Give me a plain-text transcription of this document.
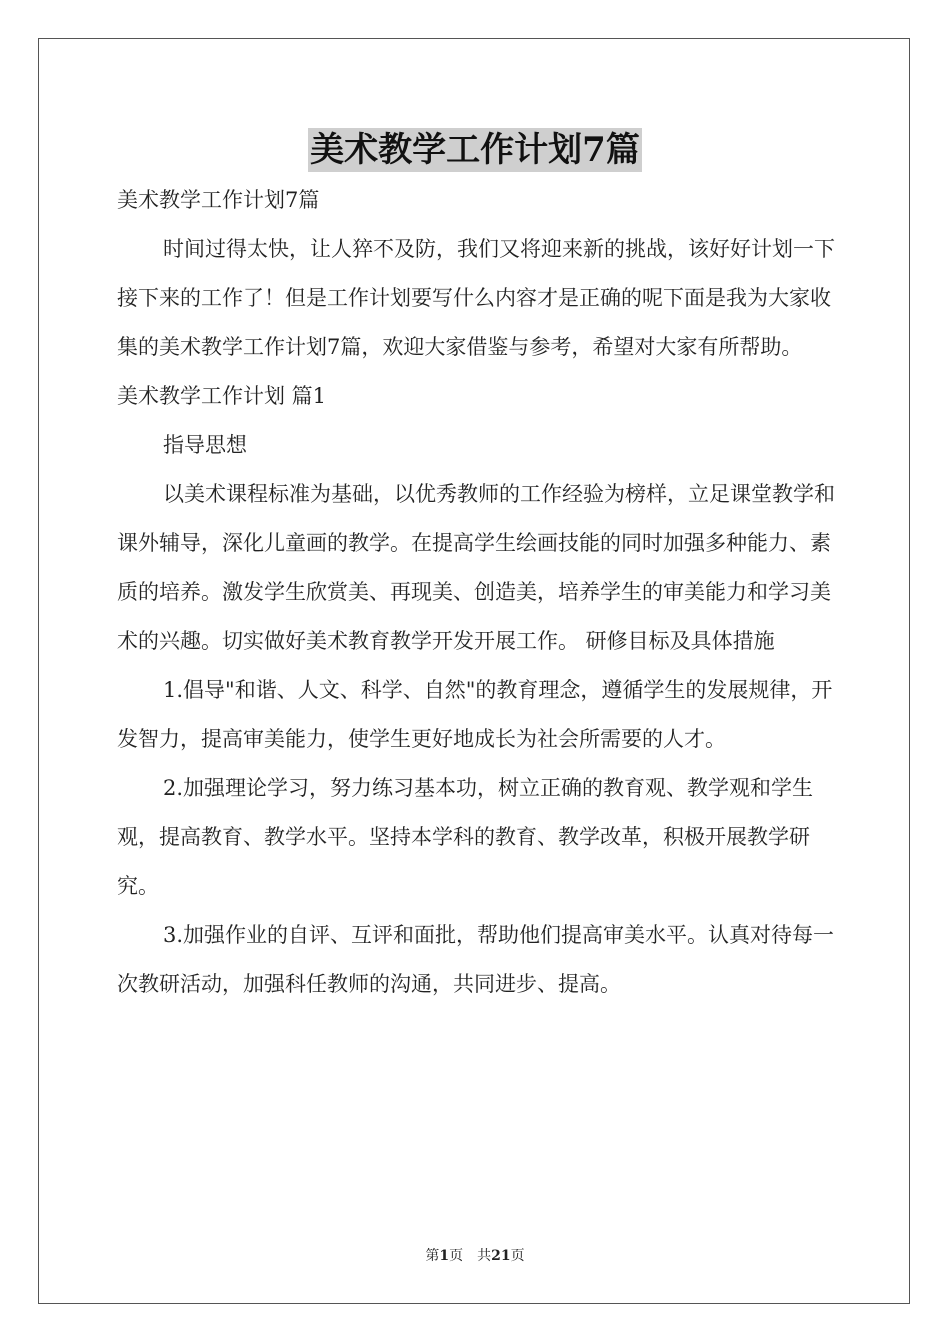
美术教学工作计划7篇

美术教学工作计划7篇

时间过得太快，让人猝不及防，我们又将迎来新的挑战，该好好计划一下接下来的工作了！但是工作计划要写什么内容才是正确的呢下面是我为大家收集的美术教学工作计划7篇，欢迎大家借鉴与参考，希望对大家有所帮助。

美术教学工作计划 篇1

指导思想

以美术课程标准为基础，以优秀教师的工作经验为榜样，立足课堂教学和课外辅导，深化儿童画的教学。在提高学生绘画技能的同时加强多种能力、素质的培养。激发学生欣赏美、再现美、创造美，培养学生的审美能力和学习美术的兴趣。切实做好美术教育教学开发开展工作。 研修目标及具体措施

1.倡导"和谐、人文、科学、自然"的教育理念，遵循学生的发展规律，开发智力，提高审美能力，使学生更好地成长为社会所需要的人才。

2.加强理论学习，努力练习基本功，树立正确的教育观、教学观和学生观，提高教育、教学水平。坚持本学科的教育、教学改革，积极开展教学研究。

3.加强作业的自评、互评和面批，帮助他们提高审美水平。认真对待每一次教研活动，加强科任教师的沟通，共同进步、提高。

第1页 共21页
